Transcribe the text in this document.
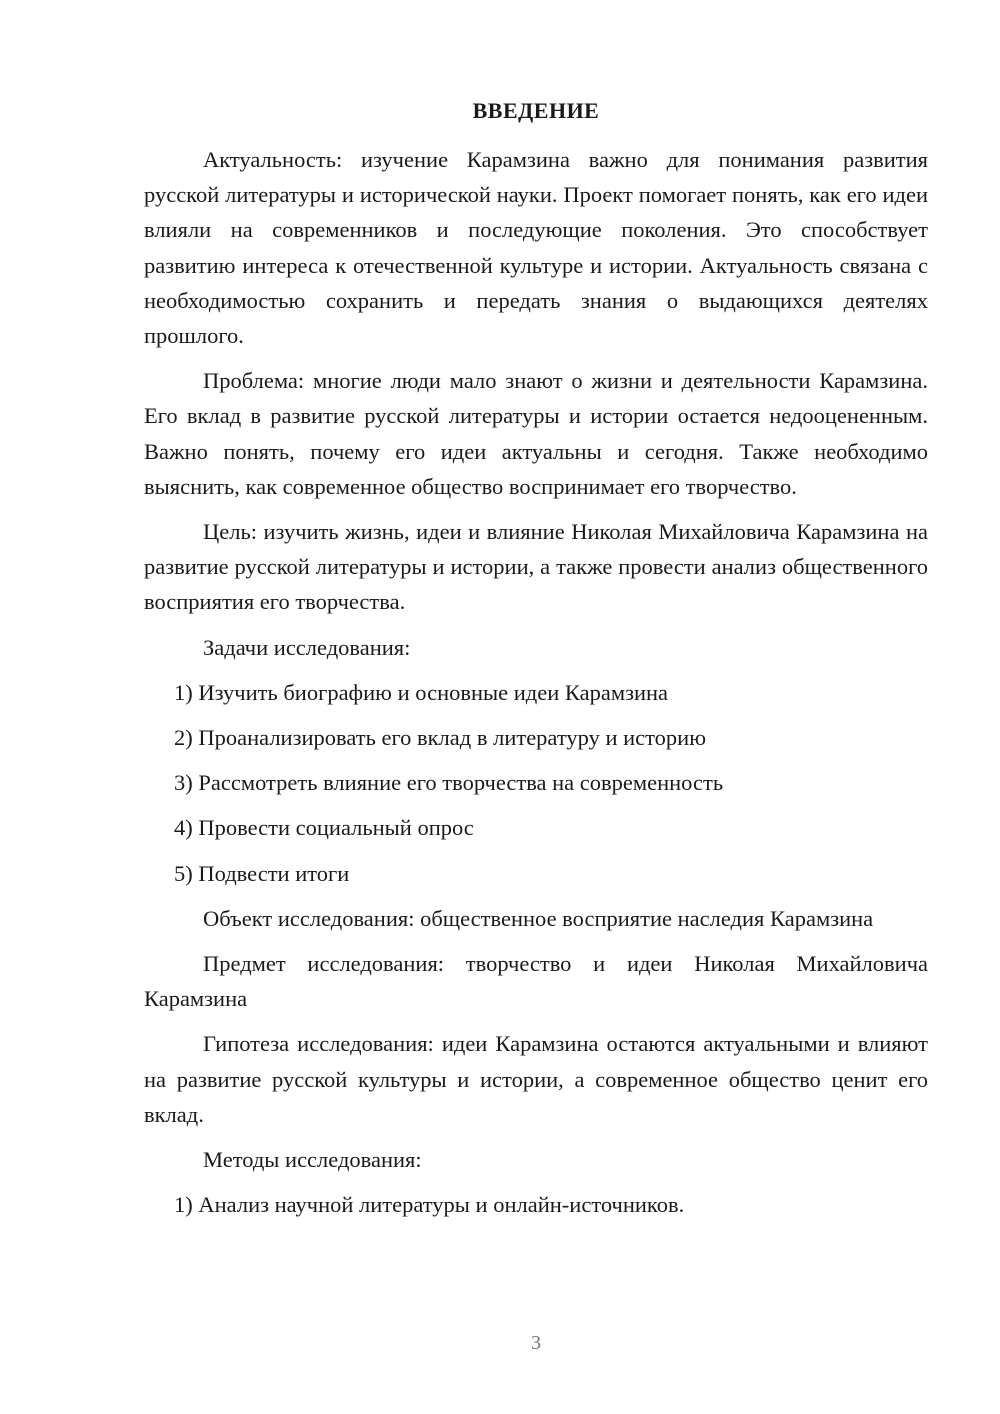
ВВЕДЕНИЕ

Актуальность: изучение Карамзина важно для понимания развития русской литературы и исторической науки. Проект помогает понять, как его идеи влияли на современников и последующие поколения. Это способствует развитию интереса к отечественной культуре и истории. Актуальность связана с необходимостью сохранить и передать знания о выдающихся деятелях прошлого.

Проблема: многие люди мало знают о жизни и деятельности Карамзина. Его вклад в развитие русской литературы и истории остается недооцененным. Важно понять, почему его идеи актуальны и сегодня. Также необходимо выяснить, как современное общество воспринимает его творчество.

Цель: изучить жизнь, идеи и влияние Николая Михайловича Карамзина на развитие русской литературы и истории, а также провести анализ общественного восприятия его творчества.

Задачи исследования:

1) Изучить биографию и основные идеи Карамзина
2) Проанализировать его вклад в литературу и историю
3) Рассмотреть влияние его творчества на современность
4) Провести социальный опрос
5) Подвести итоги

Объект исследования: общественное восприятие наследия Карамзина

Предмет исследования: творчество и идеи Николая Михайловича Карамзина

Гипотеза исследования: идеи Карамзина остаются актуальными и влияют на развитие русской культуры и истории, а современное общество ценит его вклад.

Методы исследования:

1) Анализ научной литературы и онлайн-источников.
3
